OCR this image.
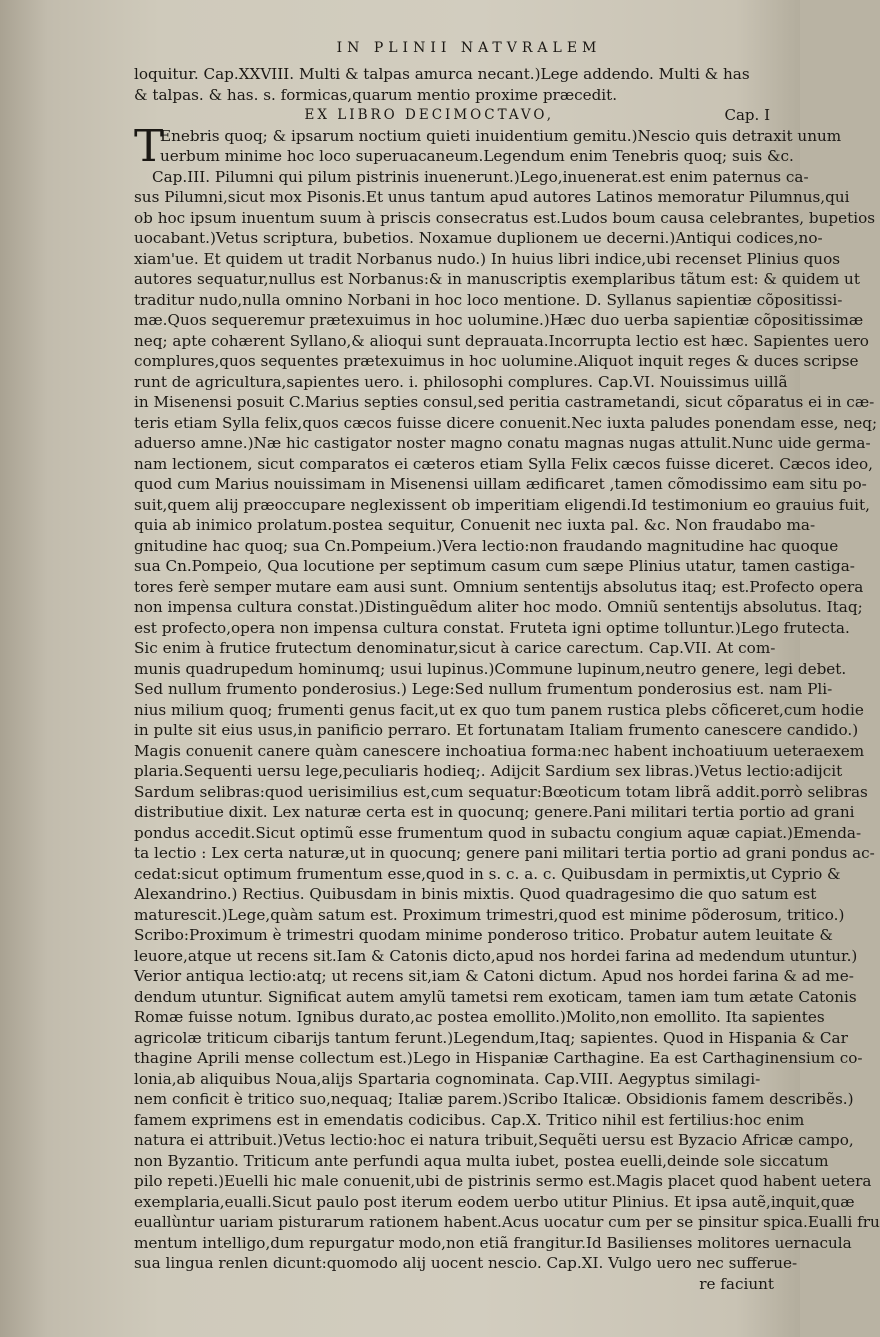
IN PLINII NATVRALEM
loquitur. Cap.XXVIII. Multi & talpas amurca necant.)Lege addendo. Multi & has
& talpas. & has. s. formicas,quarum mentio proxime præcedit.
EX LIBRO DECIMOCTAVO,	Cap. I
T
Enebris quoq; & ipsarum noctium quieti inuidentium gemitu.)Nescio quis detraxit unum
uerbum minime hoc loco superuacaneum.Legendum enim Tenebris quoq; suis &c.
Cap.III. Pilumni qui pilum pistrinis inuenerunt.)Lego,inuenerat.est enim paternus ca-
sus Pilumni,sicut mox Pisonis.Et unus tantum apud autores Latinos memoratur Pilumnus,qui
ob hoc ipsum inuentum suum à priscis consecratus est.Ludos boum causa celebrantes, bupetios
uocabant.)Vetus scriptura, bubetios. Noxamue duplionem ue decerni.)Antiqui codices,no-
xiam'ue. Et quidem ut tradit Norbanus nudo.) In huius libri indice,ubi recenset Plinius quos
autores sequatur,nullus est Norbanus:& in manuscriptis exemplaribus tãtum est: & quidem ut
traditur nudo,nulla omnino Norbani in hoc loco mentione. D. Syllanus sapientiæ cõpositissi-
mæ.Quos sequeremur prætexuimus in hoc uolumine.)Hæc duo uerba sapientiæ cõpositissimæ
neq; apte cohærent Syllano,& alioqui sunt deprauata.Incorrupta lectio est hæc. Sapientes uero
complures,quos sequentes prætexuimus in hoc uolumine.Aliquot inquit reges & duces scripse
runt de agricultura,sapientes uero. i. philosophi complures. Cap.VI. Nouissimus uillã
in Misenensi posuit C.Marius septies consul,sed peritia castrametandi, sicut cõparatus ei in cæ-
teris etiam Sylla felix,quos cæcos fuisse dicere conuenit.Nec iuxta paludes ponendam esse, neq;
aduerso amne.)Næ hic castigator noster magno conatu magnas nugas attulit.Nunc uide germa-
nam lectionem, sicut comparatos ei cæteros etiam Sylla Felix cæcos fuisse diceret. Cæcos ideo,
quod cum Marius nouissimam in Misenensi uillam ædificaret ,tamen cõmodissimo eam situ po-
suit,quem alij præoccupare neglexissent ob imperitiam eligendi.Id testimonium eo grauius fuit,
quia ab inimico prolatum.postea sequitur, Conuenit nec iuxta pal. &c. Non fraudabo ma-
gnitudine hac quoq; sua Cn.Pompeium.)Vera lectio:non fraudando magnitudine hac quoque
sua Cn.Pompeio, Qua locutione per septimum casum cum sæpe Plinius utatur, tamen castiga-
tores ferè semper mutare eam ausi sunt. Omnium sententijs absolutus itaq; est.Profecto opera
non impensa cultura constat.)Distinguẽdum aliter hoc modo. Omniũ sententijs absolutus. Itaq;
est profecto,opera non impensa cultura constat. Fruteta igni optime tolluntur.)Lego frutecta.
Sic enim à frutice frutectum denominatur,sicut à carice carectum. Cap.VII. At com-
munis quadrupedum hominumq; usui lupinus.)Commune lupinum,neutro genere, legi debet.
Sed nullum frumento ponderosius.) Lege:Sed nullum frumentum ponderosius est. nam Pli-
nius milium quoq; frumenti genus facit,ut ex quo tum panem rustica plebs cõficeret,cum hodie
in pulte sit eius usus,in panificio perraro. Et fortunatam Italiam frumento canescere candido.)
Magis conuenit canere quàm canescere inchoatiua forma:nec habent inchoatiuum ueteraexem
plaria.Sequenti uersu lege,peculiaris hodieq;. Adijcit Sardium sex libras.)Vetus lectio:adijcit
Sardum selibras:quod uerisimilius est,cum sequatur:Bœoticum totam librã addit.porrò selibras
distributiue dixit. Lex naturæ certa est in quocunq; genere.Pani militari tertia portio ad grani
pondus accedit.Sicut optimũ esse frumentum quod in subactu congium aquæ capiat.)Emenda-
ta lectio : Lex certa naturæ,ut in quocunq; genere pani militari tertia portio ad grani pondus ac-
cedat:sicut optimum frumentum esse,quod in s. c. a. c. Quibusdam in permixtis,ut Cyprio &
Alexandrino.) Rectius. Quibusdam in binis mixtis. Quod quadragesimo die quo satum est
maturescit.)Lege,quàm satum est. Proximum trimestri,quod est minime põderosum, tritico.)
Scribo:Proximum è trimestri quodam minime ponderoso tritico. Probatur autem leuitate &
leuore,atque ut recens sit.Iam & Catonis dicto,apud nos hordei farina ad medendum utuntur.)
Verior antiqua lectio:atq; ut recens sit,iam & Catoni dictum. Apud nos hordei farina & ad me-
dendum utuntur. Significat autem amylũ tametsi rem exoticam, tamen iam tum ætate Catonis
Romæ fuisse notum. Ignibus durato,ac postea emollito.)Molito,non emollito. Ita sapientes
agricolæ triticum cibarijs tantum ferunt.)Legendum,Itaq; sapientes. Quod in Hispania & Car
thagine Aprili mense collectum est.)Lego in Hispaniæ Carthagine. Ea est Carthaginensium co-
lonia,ab aliquibus Noua,alijs Spartaria cognominata. Cap.VIII. Aegyptus similagi-
nem conficit è tritico suo,nequaq; Italiæ parem.)Scribo Italicæ. Obsidionis famem describẽs.)
famem exprimens est in emendatis codicibus. Cap.X. Tritico nihil est fertilius:hoc enim
natura ei attribuit.)Vetus lectio:hoc ei natura tribuit,Sequẽti uersu est Byzacio Africæ campo,
non Byzantio. Triticum ante perfundi aqua multa iubet, postea euelli,deinde sole siccatum
pilo repeti.)Euelli hic male conuenit,ubi de pistrinis sermo est.Magis placet quod habent uetera
exemplaria,eualli.Sicut paulo post iterum eodem uerbo utitur Plinius. Et ipsa autẽ,inquit,quæ
euallùntur uariam pisturarum rationem habent.Acus uocatur cum per se pinsitur spica.Eualli fru
mentum intelligo,dum repurgatur modo,non etiã frangitur.Id Basilienses molitores uernacula
sua lingua renlen dicunt:quomodo alij uocent nescio. Cap.XI. Vulgo uero nec sufferue-
re faciunt
